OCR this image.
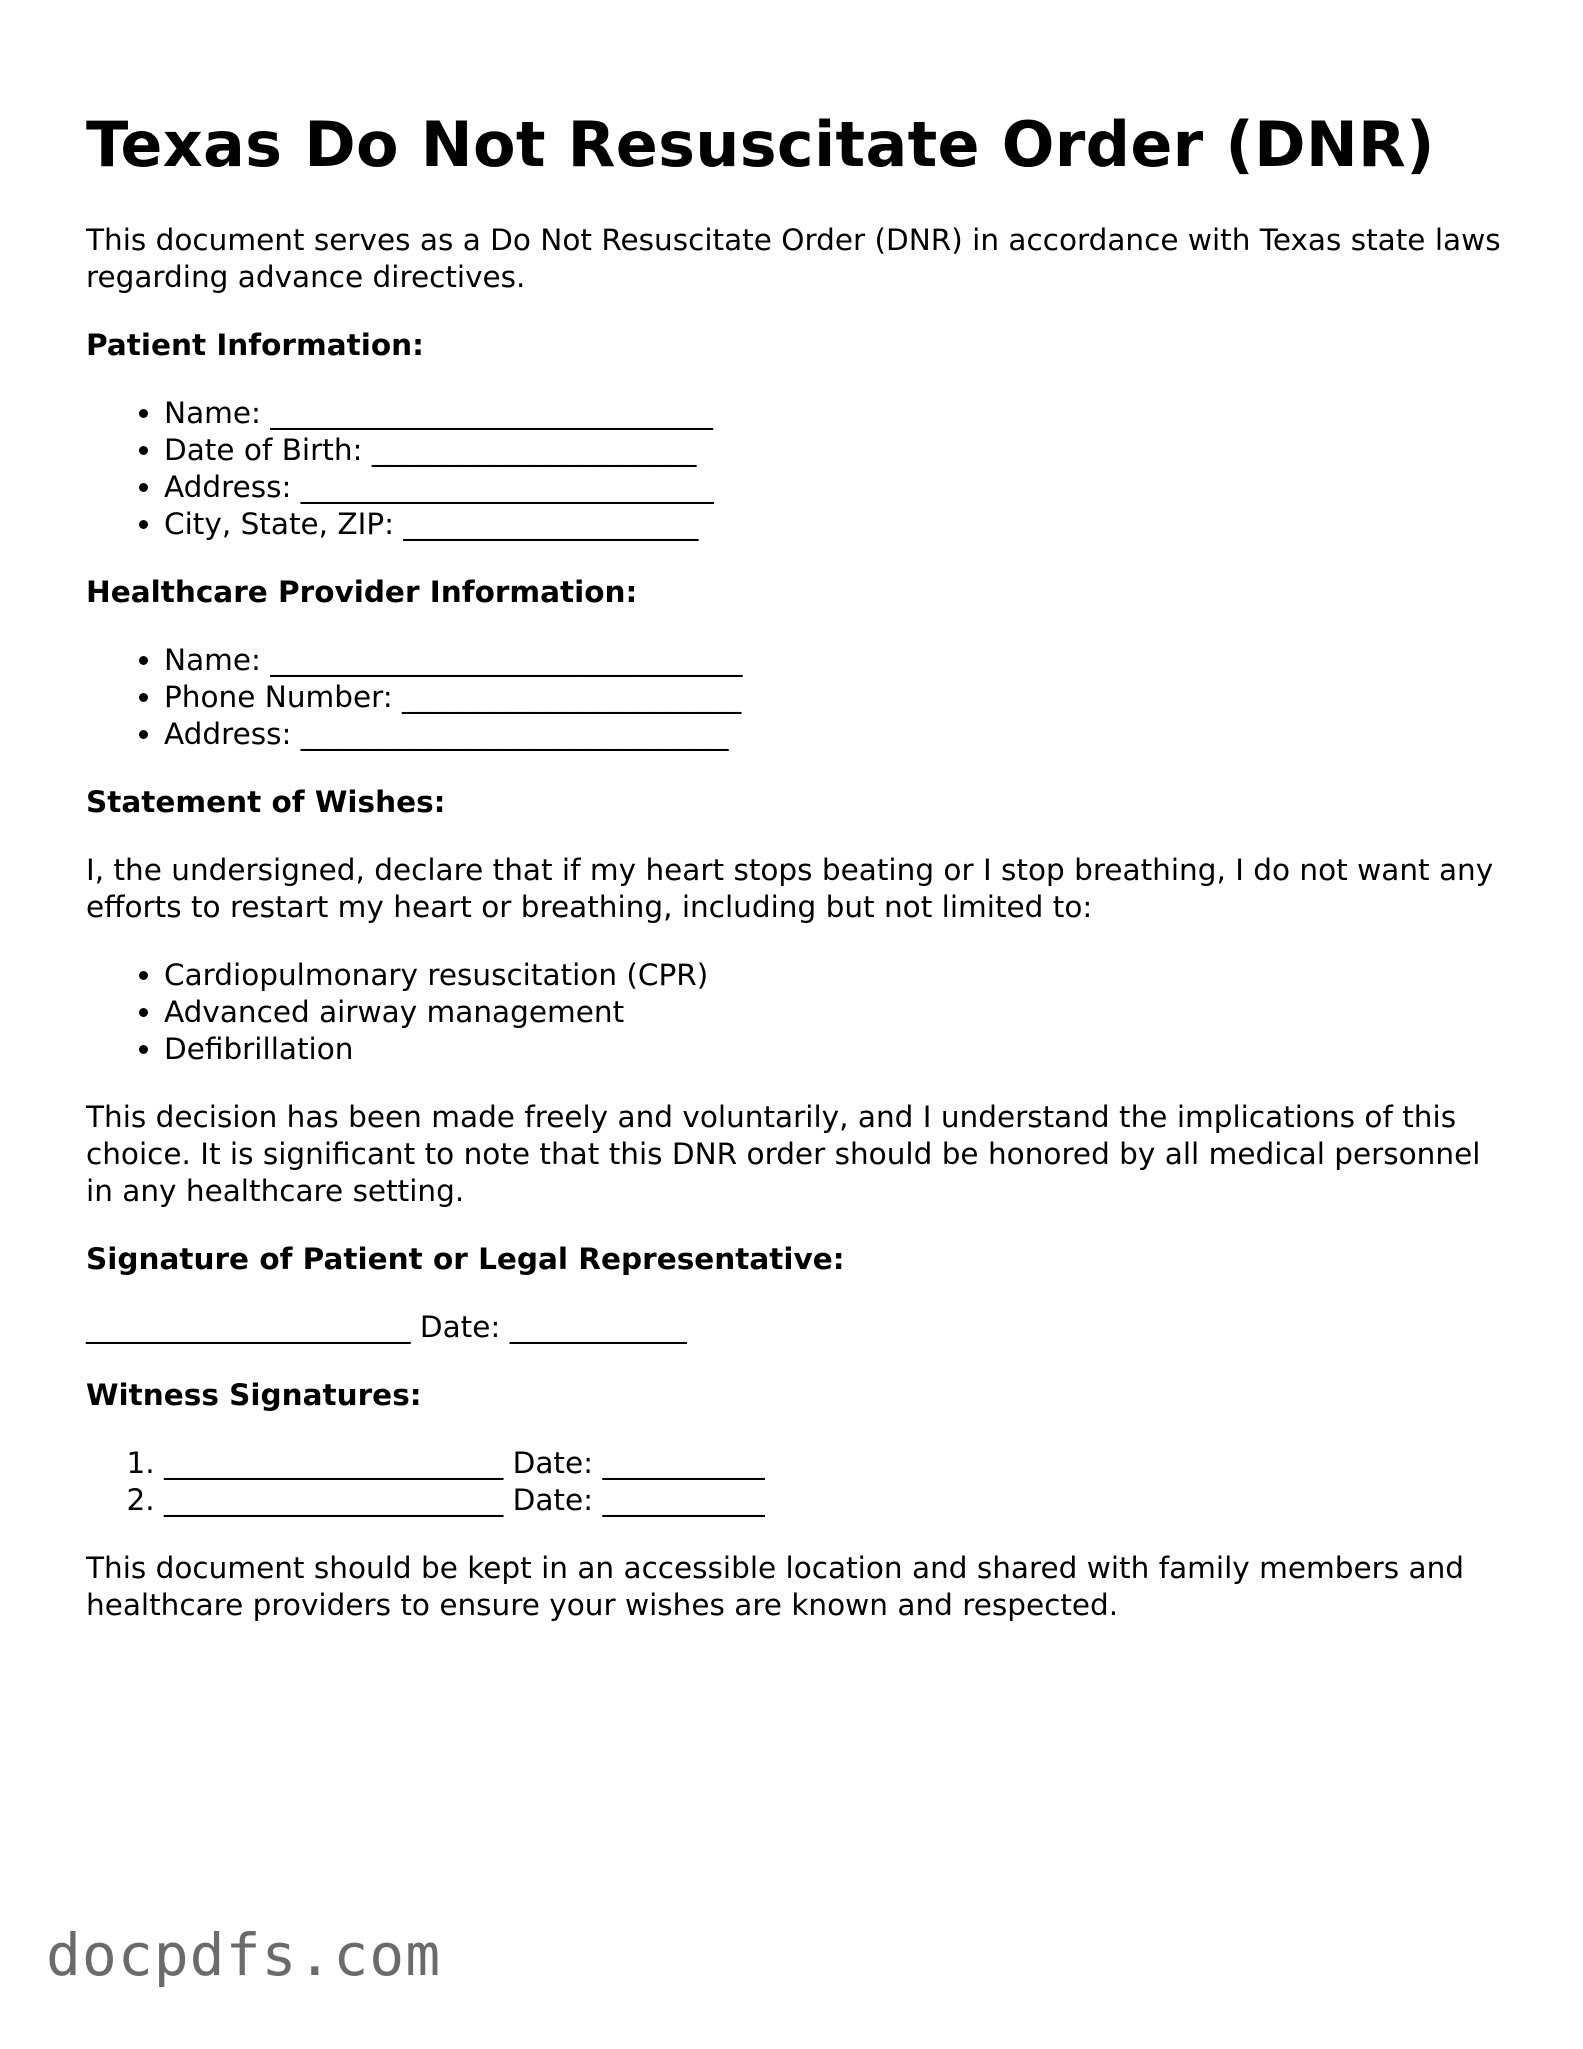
Texas Do Not Resuscitate Order (DNR)

This document serves as a Do Not Resuscitate Order (DNR) in accordance with Texas state laws regarding advance directives.

Patient Information:
• Name: ______________________________
• Date of Birth: ______________________
• Address: ____________________________
• City, State, ZIP: ____________________
Healthcare Provider Information:
• Name: ________________________________
• Phone Number: _______________________
• Address: _____________________________
Statement of Wishes:

I, the undersigned, declare that if my heart stops beating or I stop breathing, I do not want any efforts to restart my heart or breathing, including but not limited to:

• Cardiopulmonary resuscitation (CPR)
• Advanced airway management
• Defibrillation

This decision has been made freely and voluntarily, and I understand the implications of this choice. It is significant to note that this DNR order should be honored by all medical personnel in any healthcare setting.

Signature of Patient or Legal Representative:
______________________ Date: ____________
Witness Signatures:
1. _______________________ Date: ___________
2. _______________________ Date: ___________

This document should be kept in an accessible location and shared with family members and healthcare providers to ensure your wishes are known and respected.

docpdfs.com
